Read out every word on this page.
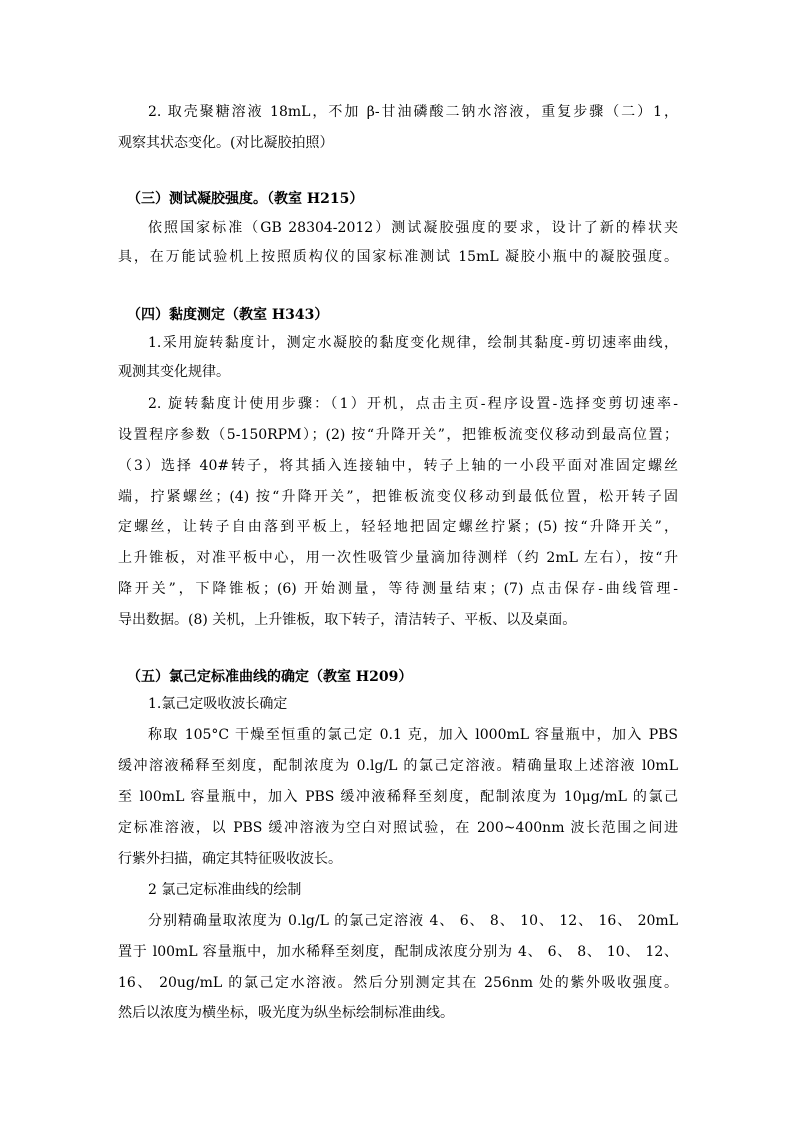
2. 取壳聚糖溶液 18mL，不加 β-甘油磷酸二钠水溶液，重复步骤（二）1，
观察其状态变化。(对比凝胶拍照）
（三）测试凝胶强度。（教室 H215）
依照国家标准（GB 28304-2012）测试凝胶强度的要求，设计了新的棒状夹
具，在万能试验机上按照质构仪的国家标准测试 15mL 凝胶小瓶中的凝胶强度。
（四）黏度测定（教室 H343）
1.采用旋转黏度计，测定水凝胶的黏度变化规律，绘制其黏度-剪切速率曲线，
观测其变化规律。
2. 旋转黏度计使用步骤：（1）开机，点击主页-程序设置-选择变剪切速率-
设置程序参数（5-150RPM）；(2) 按“升降开关”，把锥板流变仪移动到最高位置；
（3）选择 40#转子，将其插入连接轴中，转子上轴的一小段平面对准固定螺丝
端，拧紧螺丝；(4) 按“升降开关”，把锥板流变仪移动到最低位置，松开转子固
定螺丝，让转子自由落到平板上，轻轻地把固定螺丝拧紧；(5) 按“升降开关”，
上升锥板，对准平板中心，用一次性吸管少量滴加待测样（约 2mL 左右），按“升
降开关”，下降锥板；(6) 开始测量，等待测量结束；(7) 点击保存-曲线管理-
导出数据。(8) 关机，上升锥板，取下转子，清洁转子、平板、以及桌面。
（五）氯己定标准曲线的确定（教室 H209）
1.氯己定吸收波长确定
称取 105°C 干燥至恒重的氯己定 0.1 克，加入 l000mL 容量瓶中，加入 PBS
缓冲溶液稀释至刻度，配制浓度为 0.lg/L 的氯己定溶液。精确量取上述溶液 l0mL
至 l00mL 容量瓶中，加入 PBS 缓冲液稀释至刻度，配制浓度为 10μg/mL 的氯己
定标准溶液，以 PBS 缓冲溶液为空白对照试验，在 200~400nm 波长范围之间进
行紫外扫描，确定其特征吸收波长。
2 氯己定标准曲线的绘制
分别精确量取浓度为 0.lg/L 的氯己定溶液 4、 6、 8、 10、 12、 16、 20mL
置于 l00mL 容量瓶中，加水稀释至刻度，配制成浓度分别为 4、 6、 8、 10、 12、
16、 20ug/mL 的氯己定水溶液。然后分别测定其在 256nm 处的紫外吸收强度。
然后以浓度为横坐标，吸光度为纵坐标绘制标准曲线。
